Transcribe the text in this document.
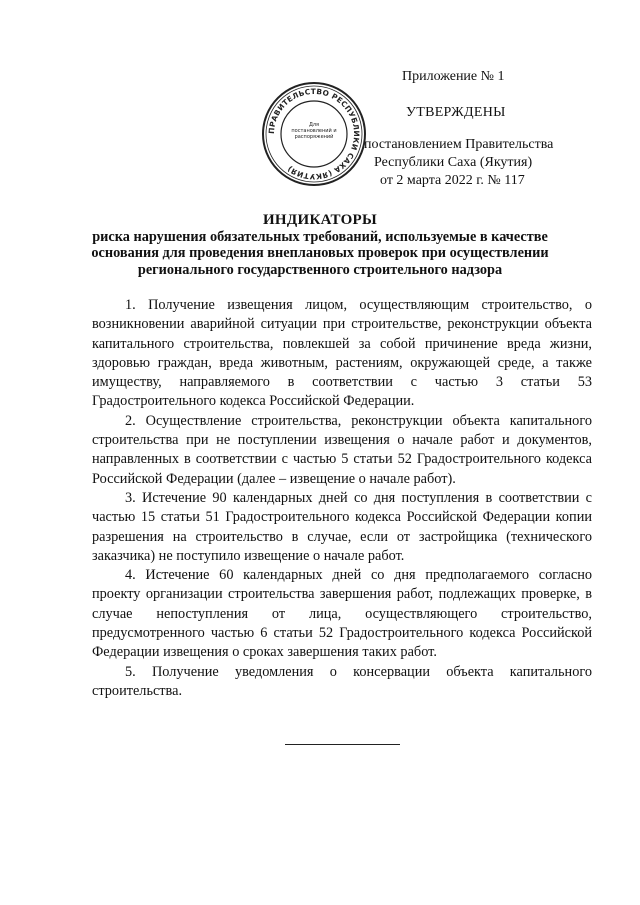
Приложение № 1
УТВЕРЖДЕНЫ
постановлением Правительства
Республики Саха (Якутия)
от 2 марта 2022 г. № 117
ПРАВИТЕЛЬСТВО РЕСПУБЛИКИ САХА (ЯКУТИЯ)
Для постановлений и распоряжений
ИНДИКАТОРЫ
риска нарушения обязательных требований, используемые в качестве
основания для проведения внеплановых проверок при осуществлении
регионального государственного строительного надзора

1. Получение извещения лицом, осуществляющим строительство, о возникновении аварийной ситуации при строительстве, реконструкции объекта капитального строительства, повлекшей за собой причинение вреда жизни, здоровью граждан, вреда животным, растениям, окружающей среде, а также имуществу, направляемого в соответствии с частью 3 статьи 53 Градостроительного кодекса Российской Федерации.

2. Осуществление строительства, реконструкции объекта капитального строительства при не поступлении извещения о начале работ и документов, направленных в соответствии с частью 5 статьи 52 Градостроительного кодекса Российской Федерации (далее – извещение о начале работ).

3. Истечение 90 календарных дней со дня поступления в соответствии с частью 15 статьи 51 Градостроительного кодекса Российской Федерации копии разрешения на строительство в случае, если от застройщика (технического заказчика) не поступило извещение о начале работ.

4. Истечение 60 календарных дней со дня предполагаемого согласно проекту организации строительства завершения работ, подлежащих проверке, в случае непоступления от лица, осуществляющего строительство, предусмотренного частью 6 статьи 52 Градостроительного кодекса Российской Федерации извещения о сроках завершения таких работ.

5. Получение уведомления о консервации объекта капитального строительства.
